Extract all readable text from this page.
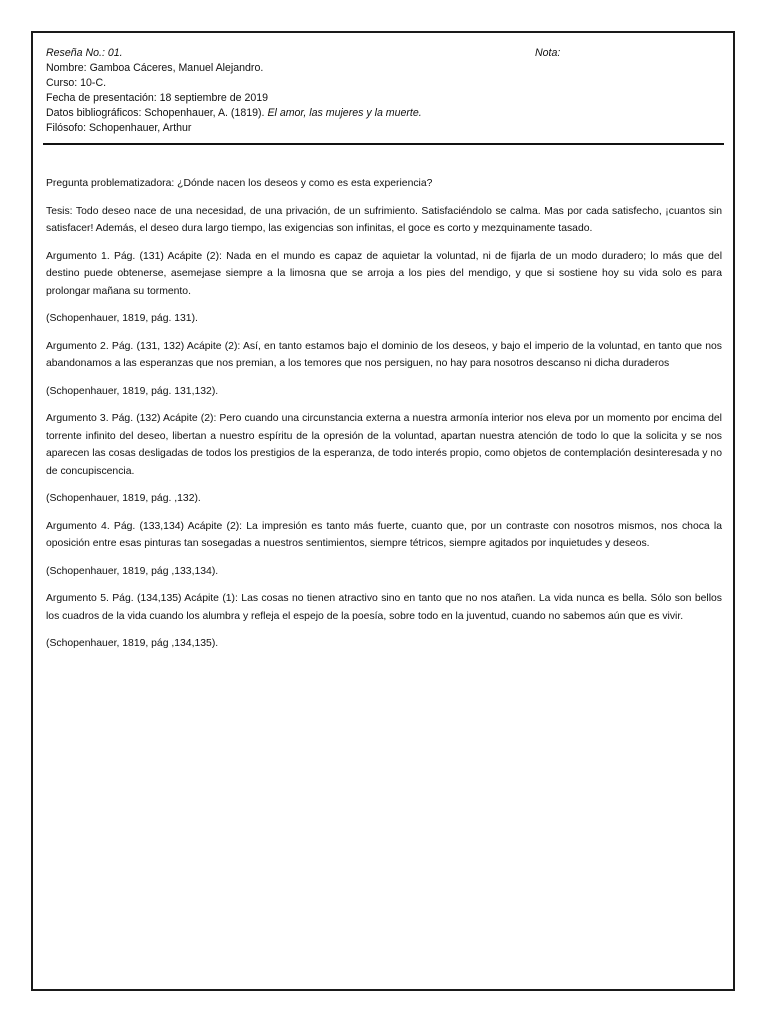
Reseña No.: 01.
Nombre: Gamboa Cáceres, Manuel Alejandro.
Curso: 10-C.
Fecha de presentación: 18 septiembre de 2019
Datos bibliográficos: Schopenhauer, A. (1819). El amor, las mujeres y la muerte.
Filósofo: Schopenhauer, Arthur
Nota:

Pregunta problematizadora: ¿Dónde nacen los deseos y como es esta experiencia?

Tesis: Todo deseo nace de una necesidad, de una privación, de un sufrimiento. Satisfaciéndolo se calma. Mas por cada satisfecho, ¡cuantos sin satisfacer! Además, el deseo dura largo tiempo, las exigencias son infinitas, el goce es corto y mezquinamente tasado.

Argumento 1. Pág. (131) Acápite (2): Nada en el mundo es capaz de aquietar la voluntad, ni de fijarla de un modo duradero; lo más que del destino puede obtenerse, asemejase siempre a la limosna que se arroja a los pies del mendigo, y que si sostiene hoy su vida solo es para prolongar mañana su tormento.

(Schopenhauer, 1819, pág. 131).

Argumento 2. Pág. (131, 132) Acápite (2): Así, en tanto estamos bajo el dominio de los deseos, y bajo el imperio de la voluntad, en tanto que nos abandonamos a las esperanzas que nos premian, a los temores que nos persiguen, no hay para nosotros descanso ni dicha duraderos

(Schopenhauer, 1819, pág. 131,132).

Argumento 3. Pág. (132) Acápite (2): Pero cuando una circunstancia externa a nuestra armonía interior nos eleva por un momento por encima del torrente infinito del deseo, libertan a nuestro espíritu de la opresión de la voluntad, apartan nuestra atención de todo lo que la solicita y se nos aparecen las cosas desligadas de todos los prestigios de la esperanza, de todo interés propio, como objetos de contemplación desinteresada y no de concupiscencia.

(Schopenhauer, 1819, pág. ,132).

Argumento 4. Pág. (133,134) Acápite (2): La impresión es tanto más fuerte, cuanto que, por un contraste con nosotros mismos, nos choca la oposición entre esas pinturas tan sosegadas a nuestros sentimientos, siempre tétricos, siempre agitados por inquietudes y deseos.

(Schopenhauer, 1819, pág ,133,134).

Argumento 5. Pág. (134,135) Acápite (1): Las cosas no tienen atractivo sino en tanto que no nos atañen. La vida nunca es bella. Sólo son bellos los cuadros de la vida cuando los alumbra y refleja el espejo de la poesía, sobre todo en la juventud, cuando no sabemos aún que es vivir.

(Schopenhauer, 1819, pág ,134,135).
